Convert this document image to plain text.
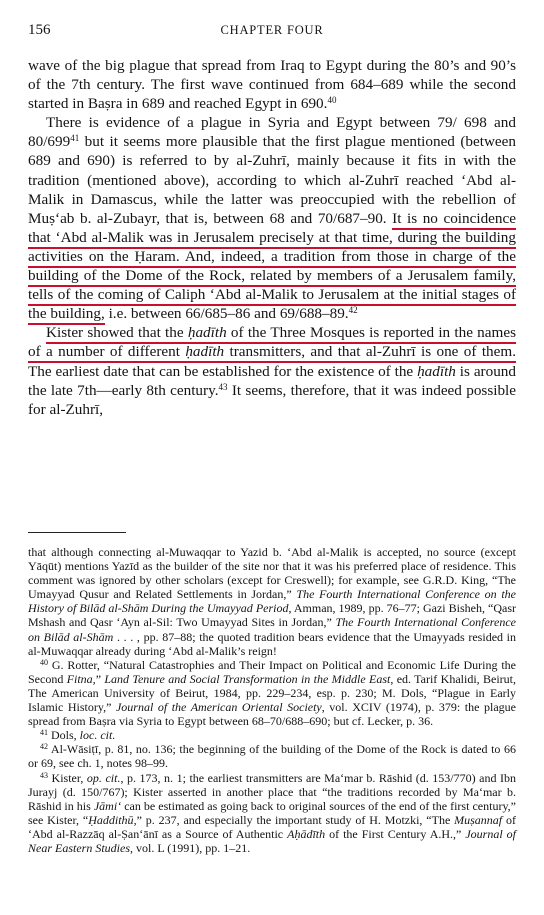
156	CHAPTER FOUR

wave of the big plague that spread from Iraq to Egypt during the 80’s and 90’s of the 7th century. The first wave continued from 684–689 while the second started in Baṣra in 689 and reached Egypt in 690.40

There is evidence of a plague in Syria and Egypt between 79/ 698 and $80/699^{41}$ but it seems more plausible that the first plague mentioned (between 689 and 690) is referred to by al-Zuhrī, mainly because it fits in with the tradition (mentioned above), according to which al-Zuhrī reached ‘Abd al-Malik in Damascus, while the latter was preoccupied with the rebellion of Muṣ‘ab b. al-Zubayr, that is, between 68 and 70/687–90. It is no coincidence that ‘Abd al-Malik was in Jerusalem precisely at that time, during the building activities on the Ḥaram. And, indeed, a tradition from those in charge of the building of the Dome of the Rock, related by members of a Jerusalem family, tells of the coming of Caliph ‘Abd al-Malik to Jerusalem at the initial stages of the building, i.e. between 66/685–86 and 69/688–89.42

Kister showed that the ḥadīth of the Three Mosques is reported in the names of a number of different ḥadīth transmitters, and that al-Zuhrī is one of them. The earliest date that can be established for the existence of the ḥadīth is around the late 7th—early 8th century.$^{43}$ It seems, therefore, that it was indeed possible for al-Zuhrī,

that although connecting al-Muwaqqar to Yazid b. ‘Abd al-Malik is accepted, no source (except Yāqūt) mentions Yazīd as the builder of the site nor that it was his preferred place of residence. This comment was ignored by other scholars (except for Creswell); for example, see G.R.D. King, “The Umayyad Qusur and Related Settlements in Jordan,” The Fourth International Conference on the History of Bilād al-Shām During the Umayyad Period, Amman, 1989, pp. 76–77; Gazi Bisheh, “Qasr Mshash and Qasr ‘Ayn al-Sil: Two Umayyad Sites in Jordan,” The Fourth International Conference on Bilād al-Shām . . . , pp. 87–88; the quoted tradition bears evidence that the Umayyads resided in al-Muwaqqar already during ‘Abd al-Malik’s reign!

$^{40}$ G. Rotter, “Natural Catastrophies and Their Impact on Political and Economic Life During the Second Fitna,” Land Tenure and Social Transformation in the Middle East, ed. Tarif Khalidi, Beirut, The American University of Beirut, 1984, pp. 229–234, esp. p. 230; M. Dols, “Plague in Early Islamic History,” Journal of the American Oriental Society, vol. XCIV (1974), p. 379: the plague spread from Baṣra via Syria to Egypt between 68–70/688–690; but cf. Lecker, p. 36.

$^{41}$ Dols, loc. cit.

$^{42}$ Al-Wāsiṭī, p. 81, no. 136; the beginning of the building of the Dome of the Rock is dated to 66 or 69, see ch. 1, notes 98–99.

$^{43}$ Kister, op. cit., p. 173, n. 1; the earliest transmitters are Ma‘mar b. Rāshid (d. 153/770) and Ibn Jurayj (d. 150/767); Kister asserted in another place that “the traditions recorded by Ma‘mar b. Rāshid in his Jāmi‘ can be estimated as going back to original sources of the end of the first century,” see Kister, “Ḥaddithū,” p. 237, and especially the important study of H. Motzki, “The Muṣannaf of ‘Abd al-Razzāq al-Ṣan‘ānī as a Source of Authentic Aḥādīth of the First Century A.H.,” Journal of Near Eastern Studies, vol. L (1991), pp. 1–21.
